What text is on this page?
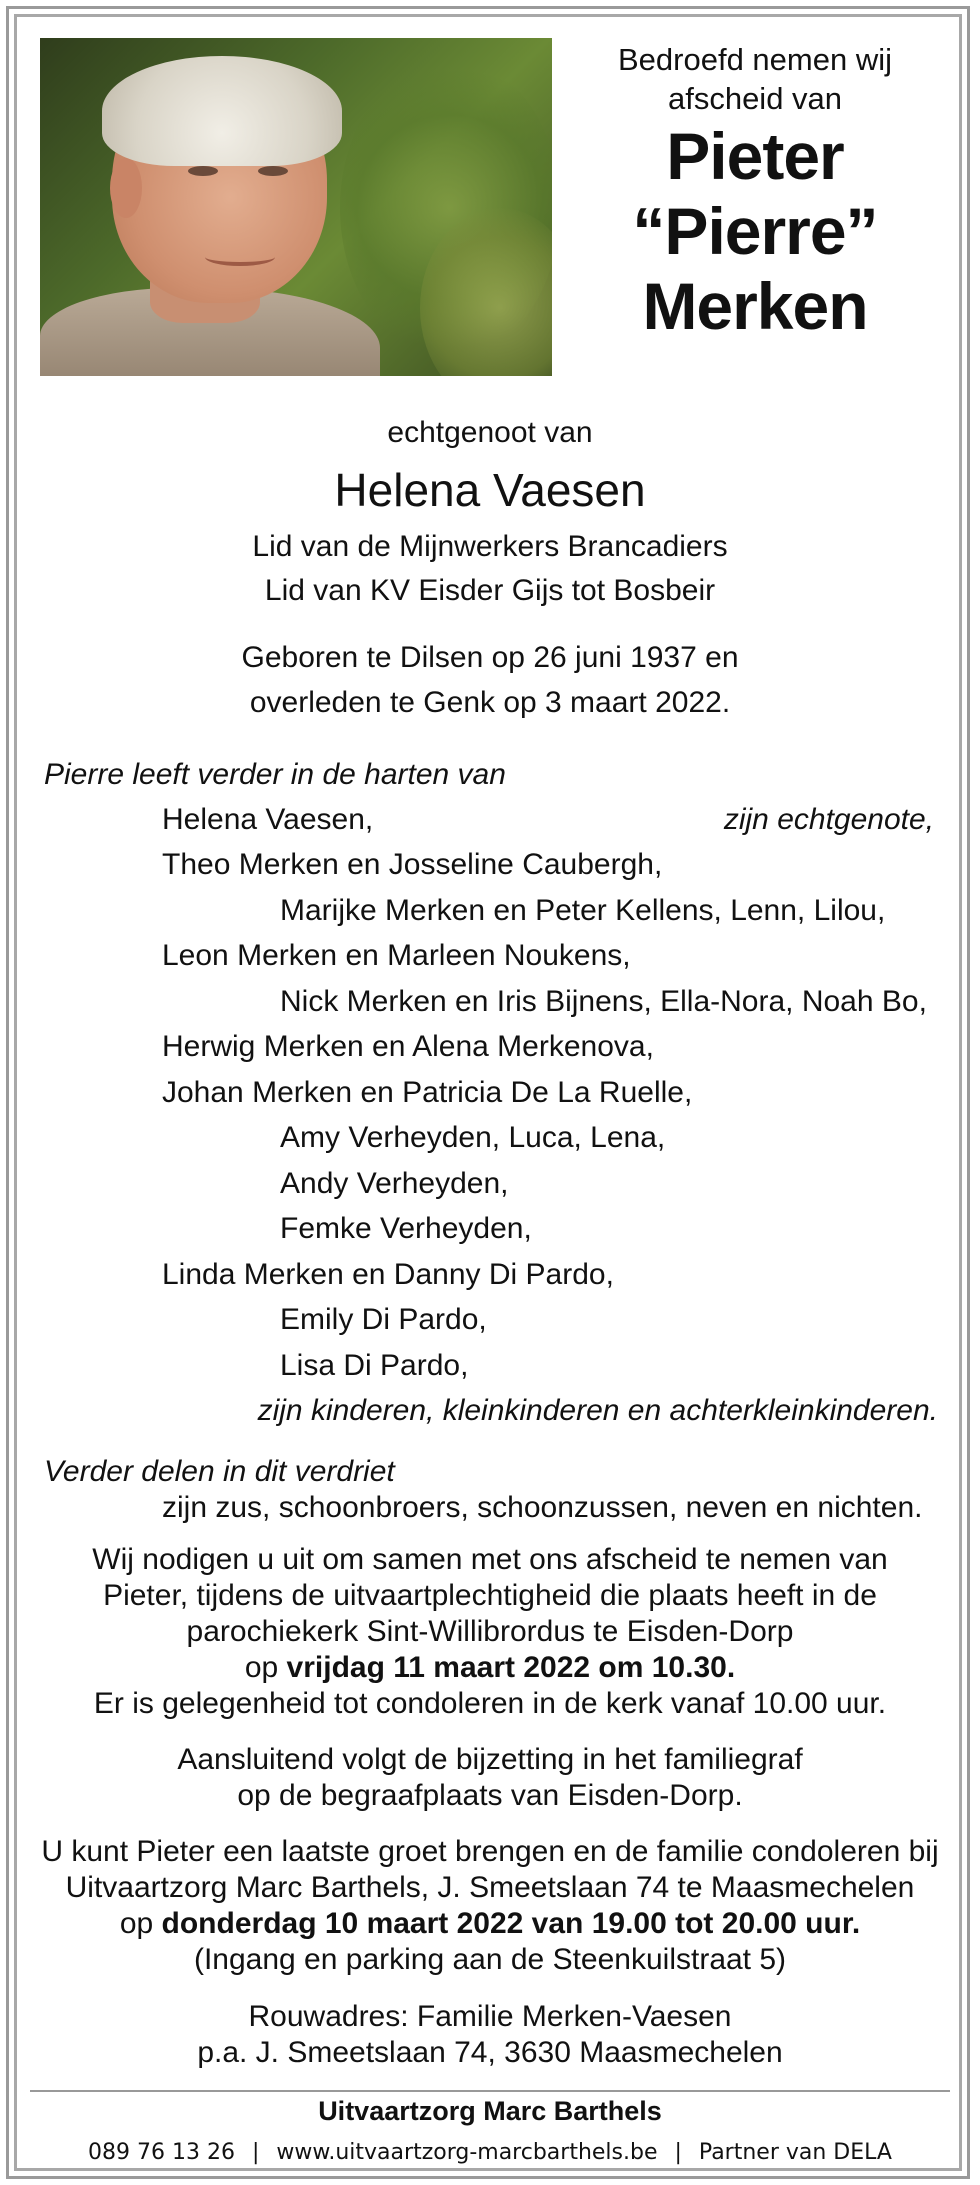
Bedroefd nemen wij
afscheid van

Pieter

“Pierre”

Merken

echtgenoot van

Helena Vaesen

Lid van de Mijnwerkers Brancadiers

Lid van KV Eisder Gijs tot Bosbeir

Geboren te Dilsen op 26 juni 1937 en

overleden te Genk op 3 maart 2022.

Pierre leeft verder in de harten van

Helena Vaesen,	zijn echtgenote,

Theo Merken en Josseline Caubergh,

Marijke Merken en Peter Kellens, Lenn, Lilou,

Leon Merken en Marleen Noukens,

Nick Merken en Iris Bijnens, Ella-Nora, Noah Bo,

Herwig Merken en Alena Merkenova,

Johan Merken en Patricia De La Ruelle,

Amy Verheyden, Luca, Lena,

Andy Verheyden,

Femke Verheyden,

Linda Merken en Danny Di Pardo,

Emily Di Pardo,

Lisa Di Pardo,

zijn kinderen, kleinkinderen en achterkleinkinderen.

Verder delen in dit verdriet

zijn zus, schoonbroers, schoonzussen, neven en nichten.

Wij nodigen u uit om samen met ons afscheid te nemen van

Pieter, tijdens de uitvaartplechtigheid die plaats heeft in de

parochiekerk Sint-Willibrordus te Eisden-Dorp

op vrijdag 11 maart 2022 om 10.30.

Er is gelegenheid tot condoleren in de kerk vanaf 10.00 uur.

Aansluitend volgt de bijzetting in het familiegraf

op de begraafplaats van Eisden-Dorp.

U kunt Pieter een laatste groet brengen en de familie condoleren bij

Uitvaartzorg Marc Barthels, J. Smeetslaan 74 te Maasmechelen

op donderdag 10 maart 2022 van 19.00 tot 20.00 uur.

(Ingang en parking aan de Steenkuilstraat 5)

Rouwadres: Familie Merken-Vaesen

p.a. J. Smeetslaan 74, 3630 Maasmechelen

Uitvaartzorg Marc Barthels

089 76 13 26 | www.uitvaartzorg-marcbarthels.be | Partner van DELA
